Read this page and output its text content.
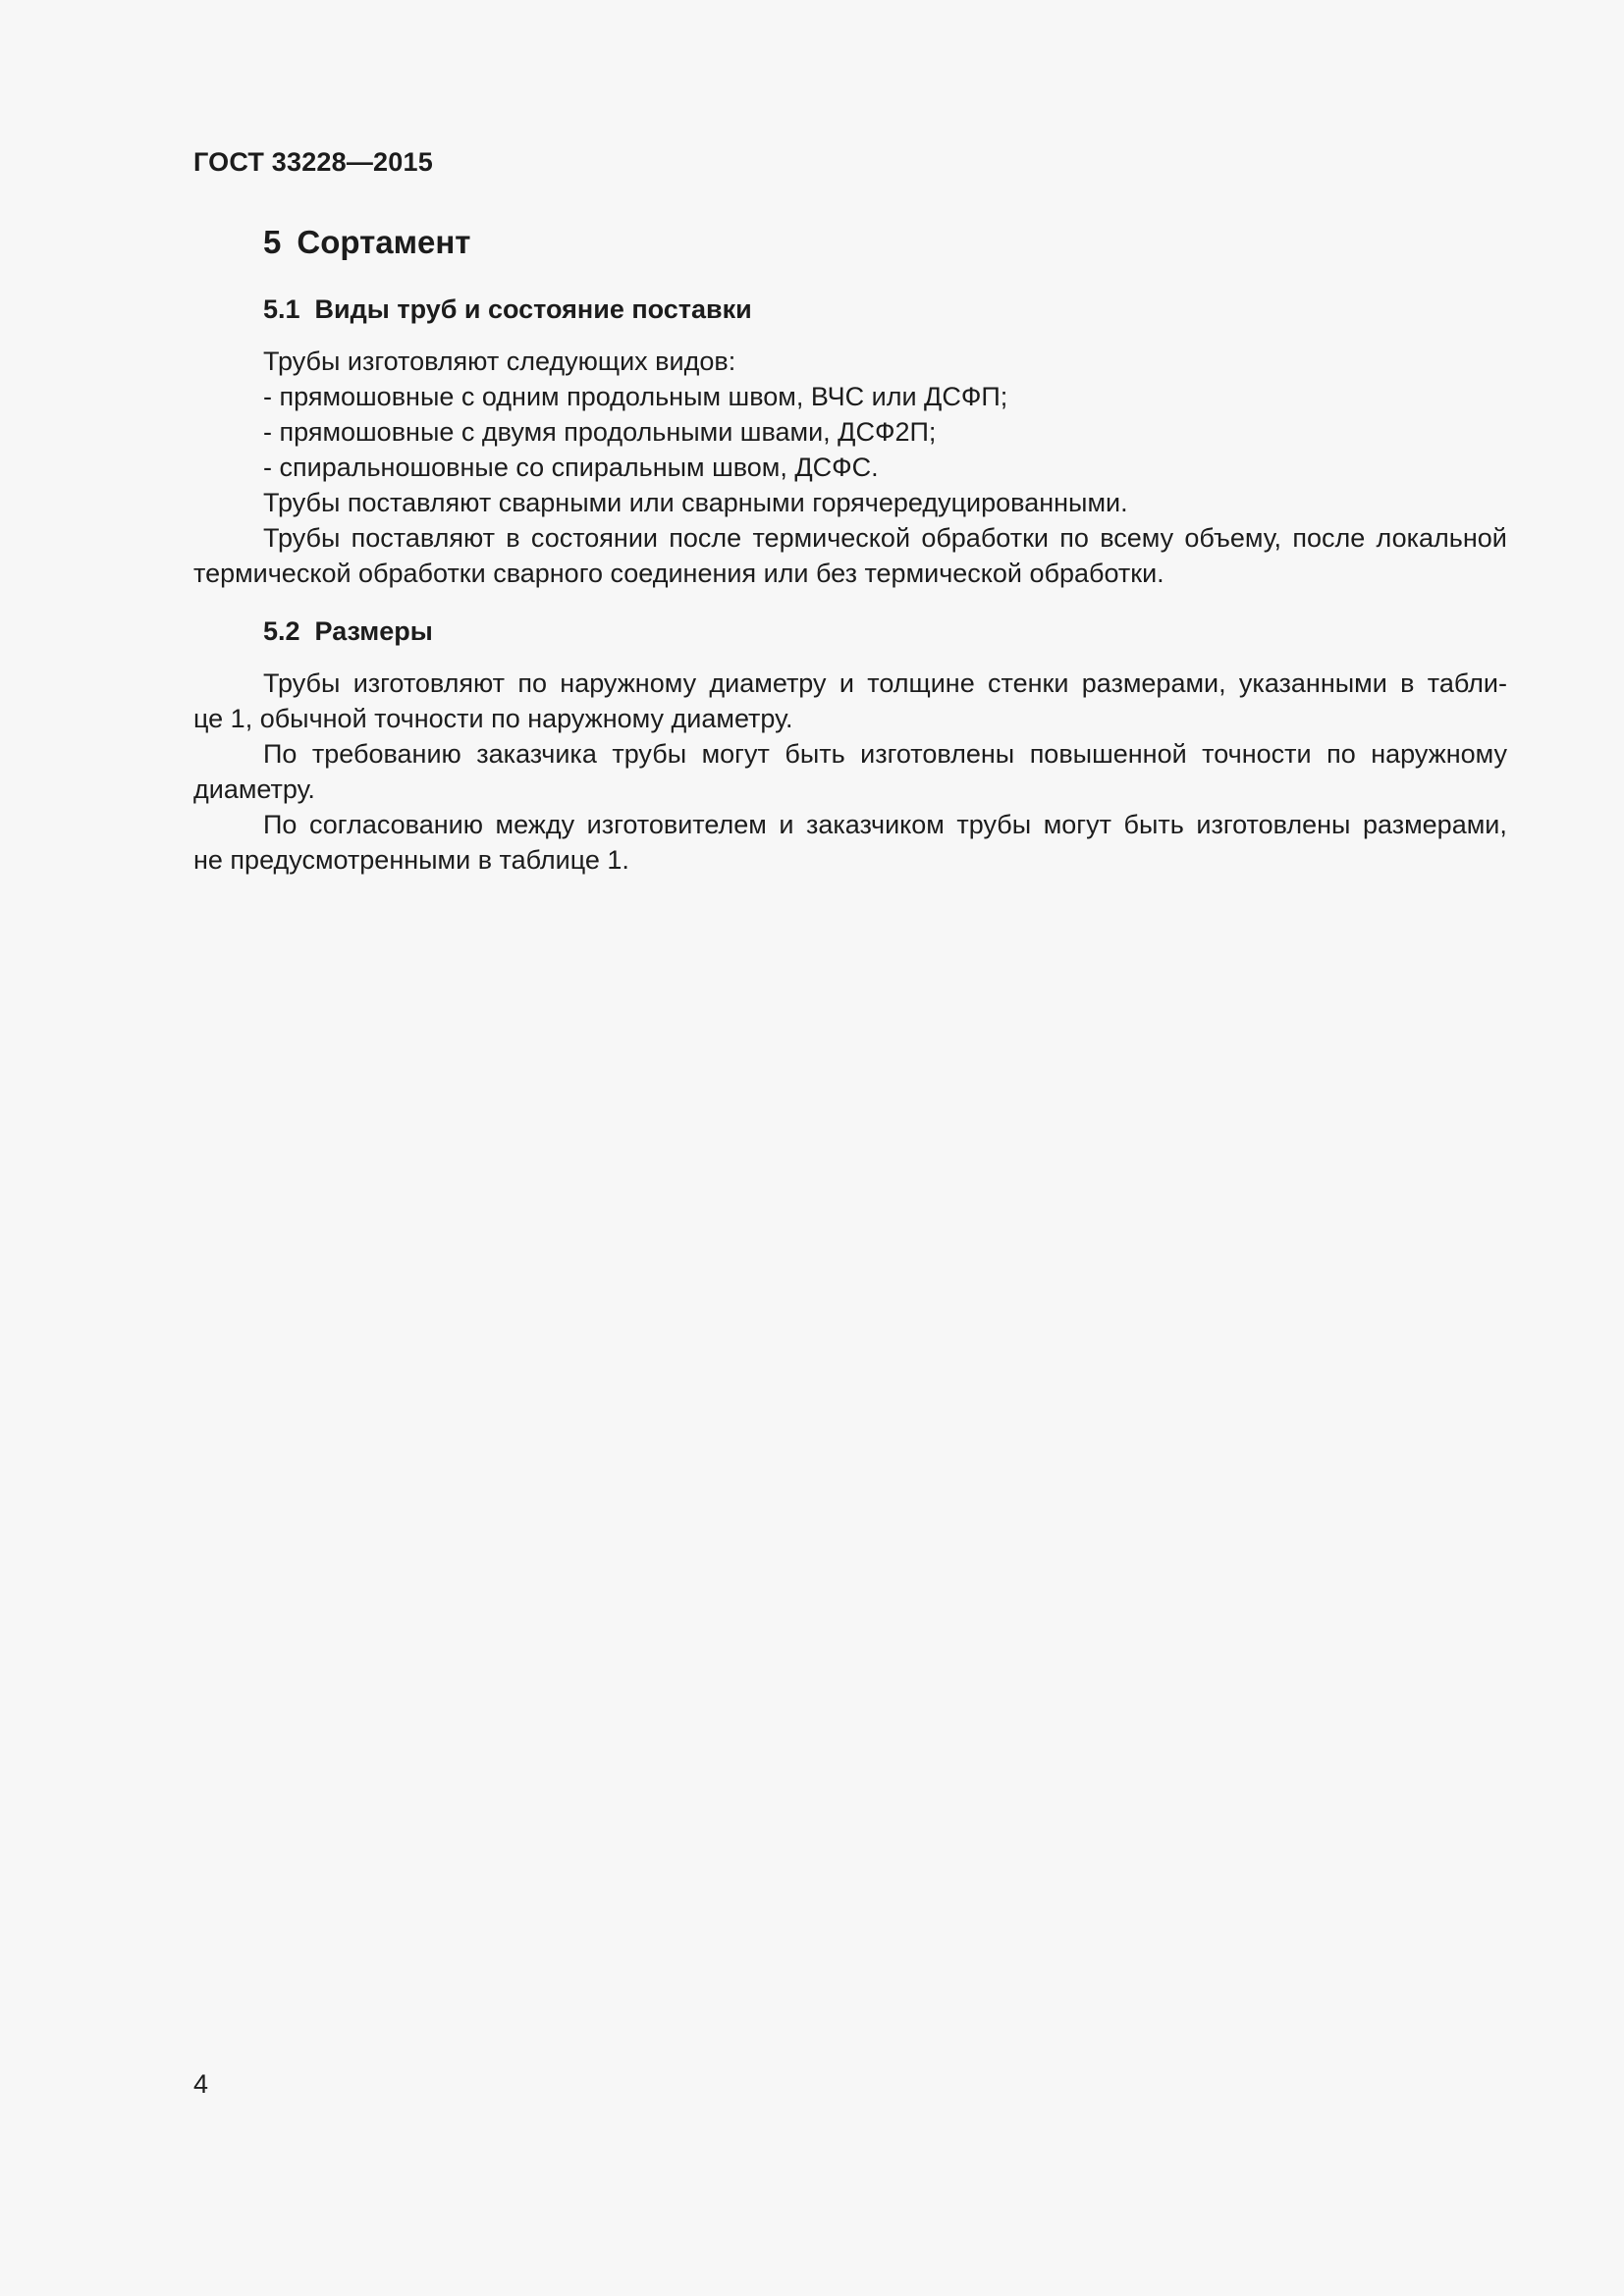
ГОСТ 33228—2015
5 Сортамент
5.1 Виды труб и состояние поставки
Трубы изготовляют следующих видов:
- прямошовные с одним продольным швом, ВЧС или ДСФП;
- прямошовные с двумя продольными швами, ДСФ2П;
- спиральношовные со спиральным швом, ДСФС.
Трубы поставляют сварными или сварными горячередуцированными.
Трубы поставляют в состоянии после термической обработки по всему объему, после локальной
термической обработки сварного соединения или без термической обработки.
5.2 Размеры
Трубы изготовляют по наружному диаметру и толщине стенки размерами, указанными в табли-
це 1, обычной точности по наружному диаметру.
По требованию заказчика трубы могут быть изготовлены повышенной точности по наружному
диаметру.
По согласованию между изготовителем и заказчиком трубы могут быть изготовлены размерами,
не предусмотренными в таблице 1.
4
